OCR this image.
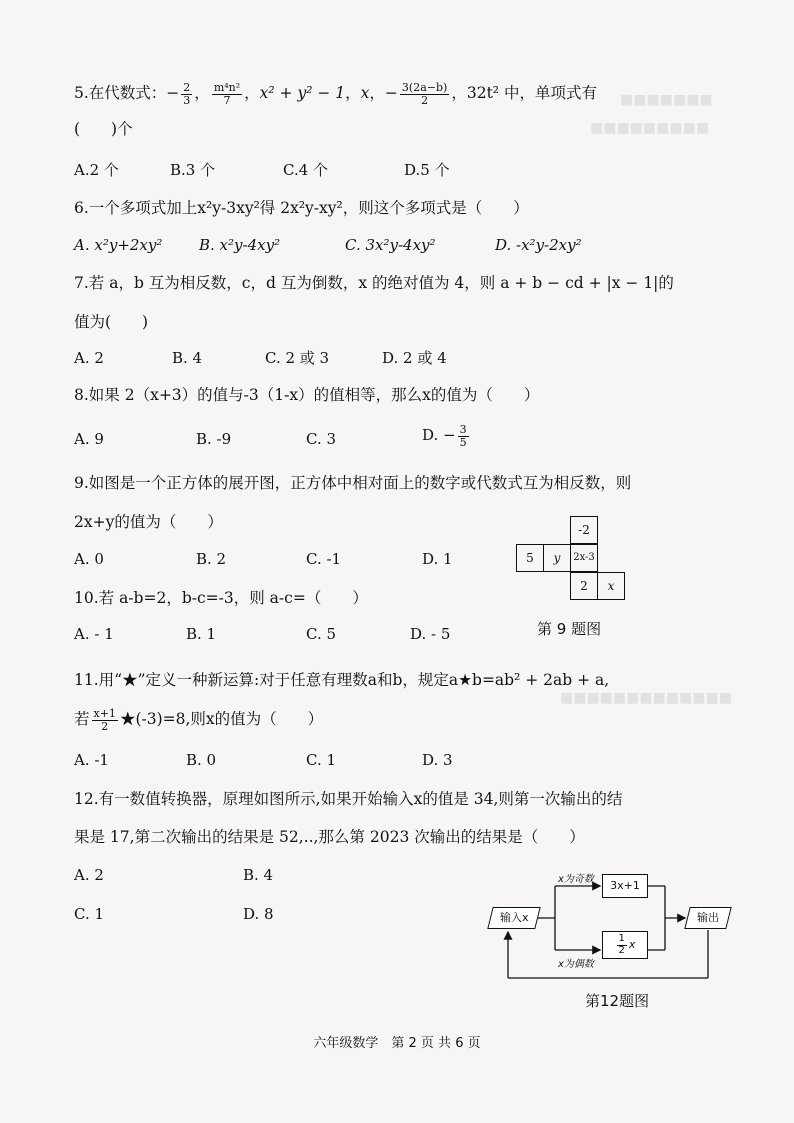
■■■■■■■
■■■■■■■■■
■■■■■■■■■■■■■
5.在代数式：− $\frac{2}{3}$ ， $\frac{\text{m⁴n²}}{7}$ ，x² + y² − 1，x，− $\frac{3(2a-b)}{2}$ ，32t² 中，单项式有
(　　)个
A.2 个	B.3 个	C.4 个	D.5 个
6.一个多项式加上x²y-3xy²得 2x²y-xy²，则这个多项式是（　　）
A. x²y+2xy² B. x²y-4xy²	C. 3x²y-4xy²	D. -x²y-2xy²
7.若 a，b 互为相反数，c，d 互为倒数，x 的绝对值为 4，则 a + b − cd + |x − 1|的
值为(　　)
A. 2	B. 4	C. 2 或 3	D. 2 或 4
8.如果 2（x+3）的值与-3（1-x）的值相等，那么x的值为（　　）
A. 9	B. -9	C. 3	D. − $\frac{3}{5}$
9.如图是一个正方体的展开图，正方体中相对面上的数字或代数式互为相反数，则
2x+y的值为（　　）
A. 0	B. 2	C. -1	D. 1
-2
5	y	2x-3
2	x
第 9 题图
10.若 a-b=2，b-c=-3，则 a-c=（　　）
A. - 1	B. 1	C. 5	D. - 5
11.用“★”定义一种新运算:对于任意有理数a和b，规定a★b=ab² + 2ab + a,
若 $\frac{x+1}{2}$ ★(-3)=8,则x的值为（　　）
A. -1	B. 0	C. 1	D. 3
12.有一数值转换器，原理如图所示,如果开始输入x的值是 34,则第一次输出的结
果是 17,第二次输出的结果是 52,..,那么第 2023 次输出的结果是（　　）
A. 2	B. 4
C. 1	D. 8	输入x
x为奇数
x为偶数
3x+1
$\frac{1}{2}$ x
输出
第12题图
六年级数学　第 2 页 共 6 页
